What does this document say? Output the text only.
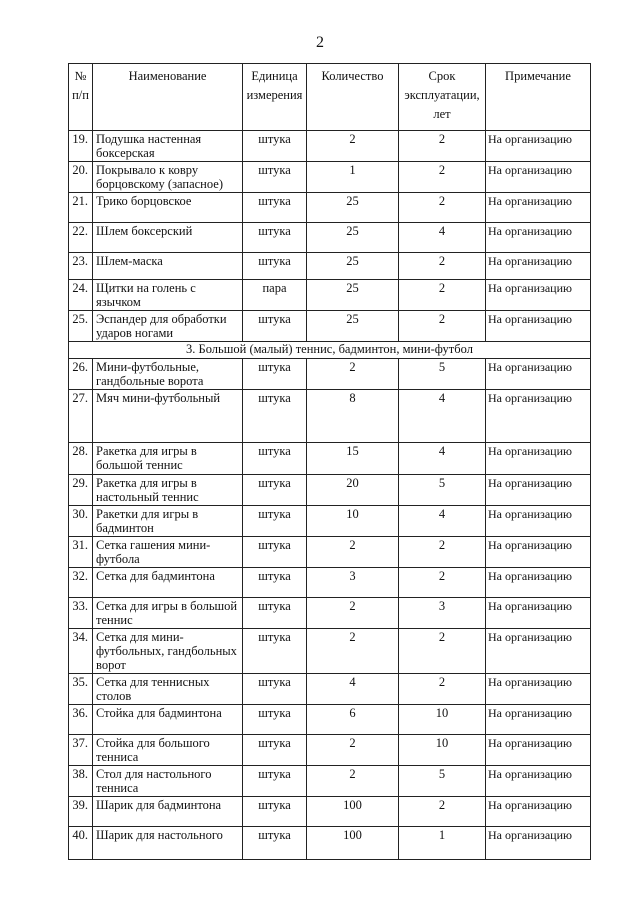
2
№ п/п	Наименование	Единица измерения	Количество	Срок эксплуатации, лет	Примечание
19.	Подушка настенная боксерская	штука	2	2	На организацию
20.	Покрывало к ковру борцовскому (запасное)	штука	1	2	На организацию
21.	Трико борцовское	штука	25	2	На организацию
22.	Шлем боксерский	штука	25	4	На организацию
23.	Шлем-маска	штука	25	2	На организацию
24.	Щитки на голень с язычком	пара	25	2	На организацию
25.	Эспандер для обработки ударов ногами	штука	25	2	На организацию
3. Большой (малый) теннис, бадминтон, мини-футбол					
26.	Мини-футбольные, гандбольные ворота	штука	2	5	На организацию
27.	Мяч мини-футбольный	штука	8	4	На организацию
28.	Ракетка для игры в большой теннис	штука	15	4	На организацию
29.	Ракетка для игры в настольный теннис	штука	20	5	На организацию
30.	Ракетки для игры в бадминтон	штука	10	4	На организацию
31.	Сетка гашения мини-футбола	штука	2	2	На организацию
32.	Сетка для бадминтона	штука	3	2	На организацию
33.	Сетка для игры в большой теннис	штука	2	3	На организацию
34.	Сетка для мини-футбольных, гандбольных ворот	штука	2	2	На организацию
35.	Сетка для теннисных столов	штука	4	2	На организацию
36.	Стойка для бадминтона	штука	6	10	На организацию
37.	Стойка для большого тенниса	штука	2	10	На организацию
38.	Стол для настольного тенниса	штука	2	5	На организацию
39.	Шарик для бадминтона	штука	100	2	На организацию
40.	Шарик для настольного	штука	100	1	На организацию
